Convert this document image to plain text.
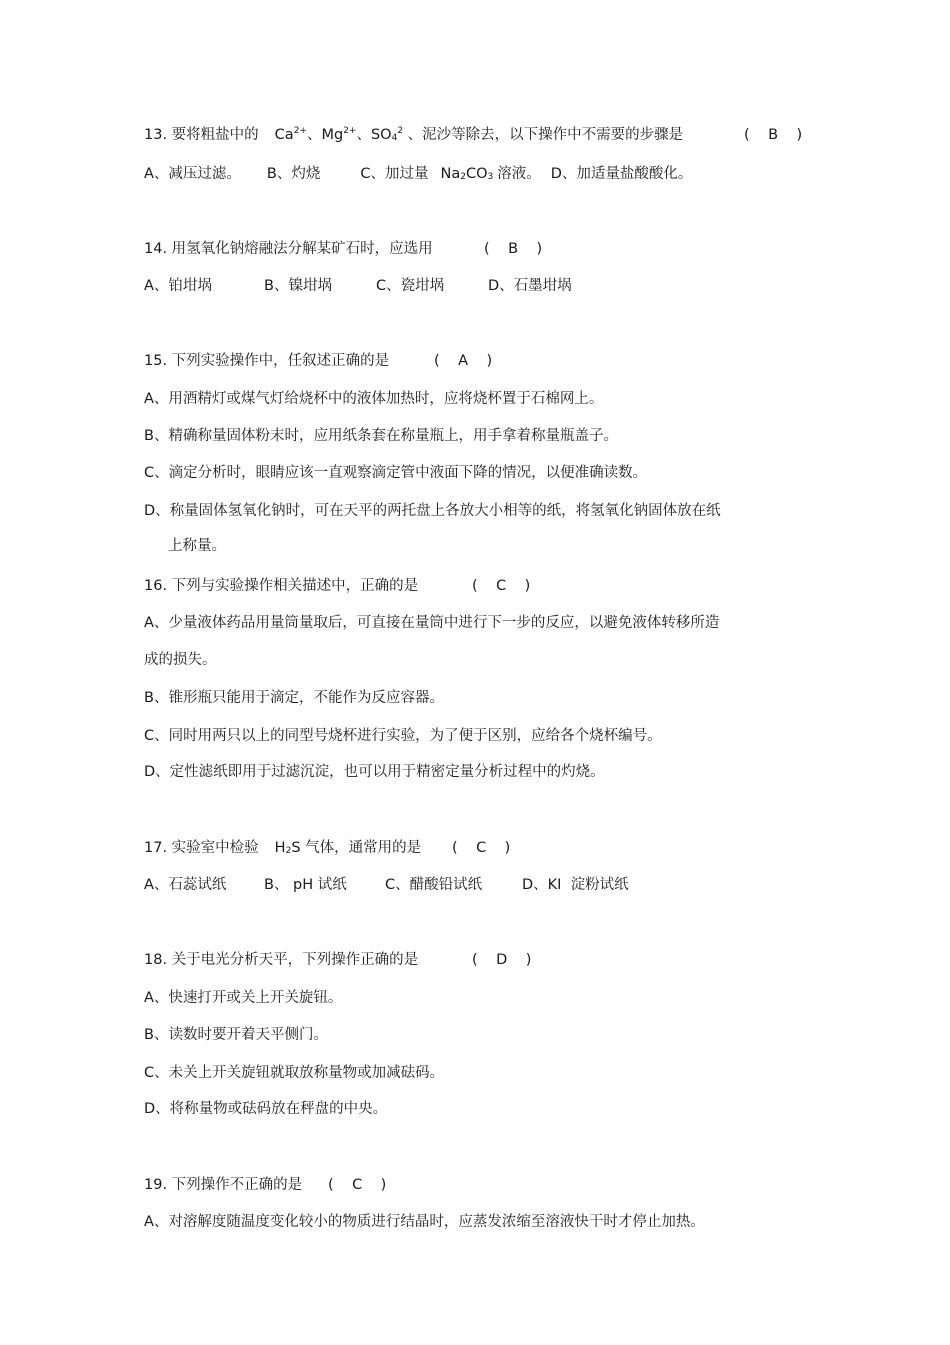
13. 要将粗盐中的 $Ca^{2+}$、$Mg^{2+}$、$SO_4^2$ 、泥沙等除去，以下操作中不需要的步骤是	(    B    )
A、减压过滤。 B、灼烧	C、加过量 $Na_2CO_3$ 溶液。 D、加适量盐酸酸化。
14. 用氢氧化钠熔融法分解某矿石时，应选用	(    B    )
A、铂坩埚	B、镍坩埚	C、瓷坩埚	D、石墨坩埚
15. 下列实验操作中，任叙述正确的是	(    A    )
A、用酒精灯或煤气灯给烧杯中的液体加热时，应将烧杯置于石棉网上。
B、精确称量固体粉末时，应用纸条套在称量瓶上，用手拿着称量瓶盖子。
C、滴定分析时，眼睛应该一直观察滴定管中液面下降的情况，以便准确读数。
D、称量固体氢氧化钠时，可在天平的两托盘上各放大小相等的纸，将氢氧化钠固体放在纸
上称量。
16. 下列与实验操作相关描述中，正确的是	(    C    )
A、少量液体药品用量筒量取后，可直接在量筒中进行下一步的反应，以避免液体转移所造
成的损失。
B、锥形瓶只能用于滴定，不能作为反应容器。
C、同时用两只以上的同型号烧杯进行实验，为了便于区别，应给各个烧杯编号。
D、定性滤纸即用于过滤沉淀，也可以用于精密定量分析过程中的灼烧。
17. 实验室中检验 $H_2S$ 气体，通常用的是 (    C    )
A、石蕊试纸	B、 pH 试纸	C、醋酸铅试纸	D、KI  淀粉试纸
18. 关于电光分析天平，下列操作正确的是	(    D    )
A、快速打开或关上开关旋钮。
B、读数时要开着天平侧门。
C、未关上开关旋钮就取放称量物或加减砝码。
D、将称量物或砝码放在秤盘的中央。
19. 下列操作不正确的是 (    C    )
A、对溶解度随温度变化较小的物质进行结晶时，应蒸发浓缩至溶液快干时才停止加热。
